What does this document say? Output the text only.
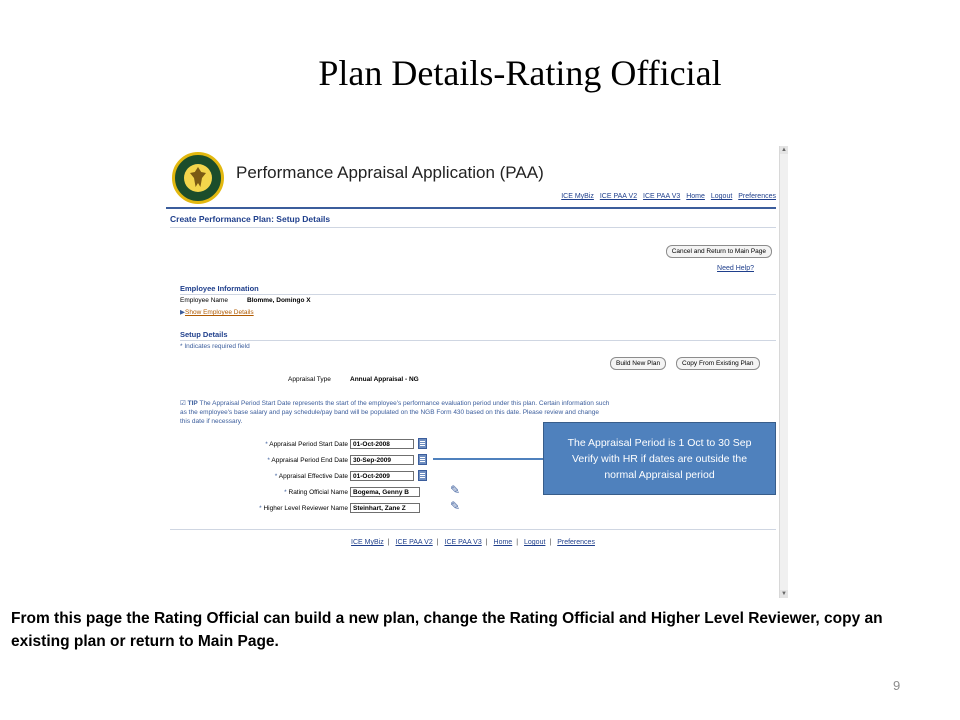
Plan Details-Rating Official
▲
▼
Performance Appraisal Application (PAA)
ICE MyBiz ICE PAA V2 ICE PAA V3 Home Logout Preferences
Create Performance Plan: Setup Details
Cancel and Return to Main Page
Need Help?
Employee Information
Employee Name	Blomme, Domingo X
▶Show Employee Details
Setup Details
* Indicates required field
Build New Plan	Copy From Existing Plan
Appraisal Type	Annual Appraisal - NG
☑ TIP The Appraisal Period Start Date represents the start of the employee's performance evaluation period under this plan. Certain information such as the employee's base salary and pay schedule/pay band will be populated on the NGB Form 430 based on this date. Please review and change this date if necessary.
* Appraisal Period Start Date 01-Oct-2008
* Appraisal Period End Date 30-Sep-2009
* Appraisal Effective Date 01-Oct-2009
* Rating Official Name Bogema, Genny B	✎
* Higher Level Reviewer Name Steinhart, Zane Z	✎
ICE MyBiz | ICE PAA V2 | ICE PAA V3 | Home | Logout | Preferences
The Appraisal Period is 1 Oct to 30 Sep
Verify with HR if dates are outside the
normal Appraisal period
From this page the Rating Official can build a new plan, change the Rating Official and Higher Level Reviewer, copy an existing plan or return to Main Page.
9
